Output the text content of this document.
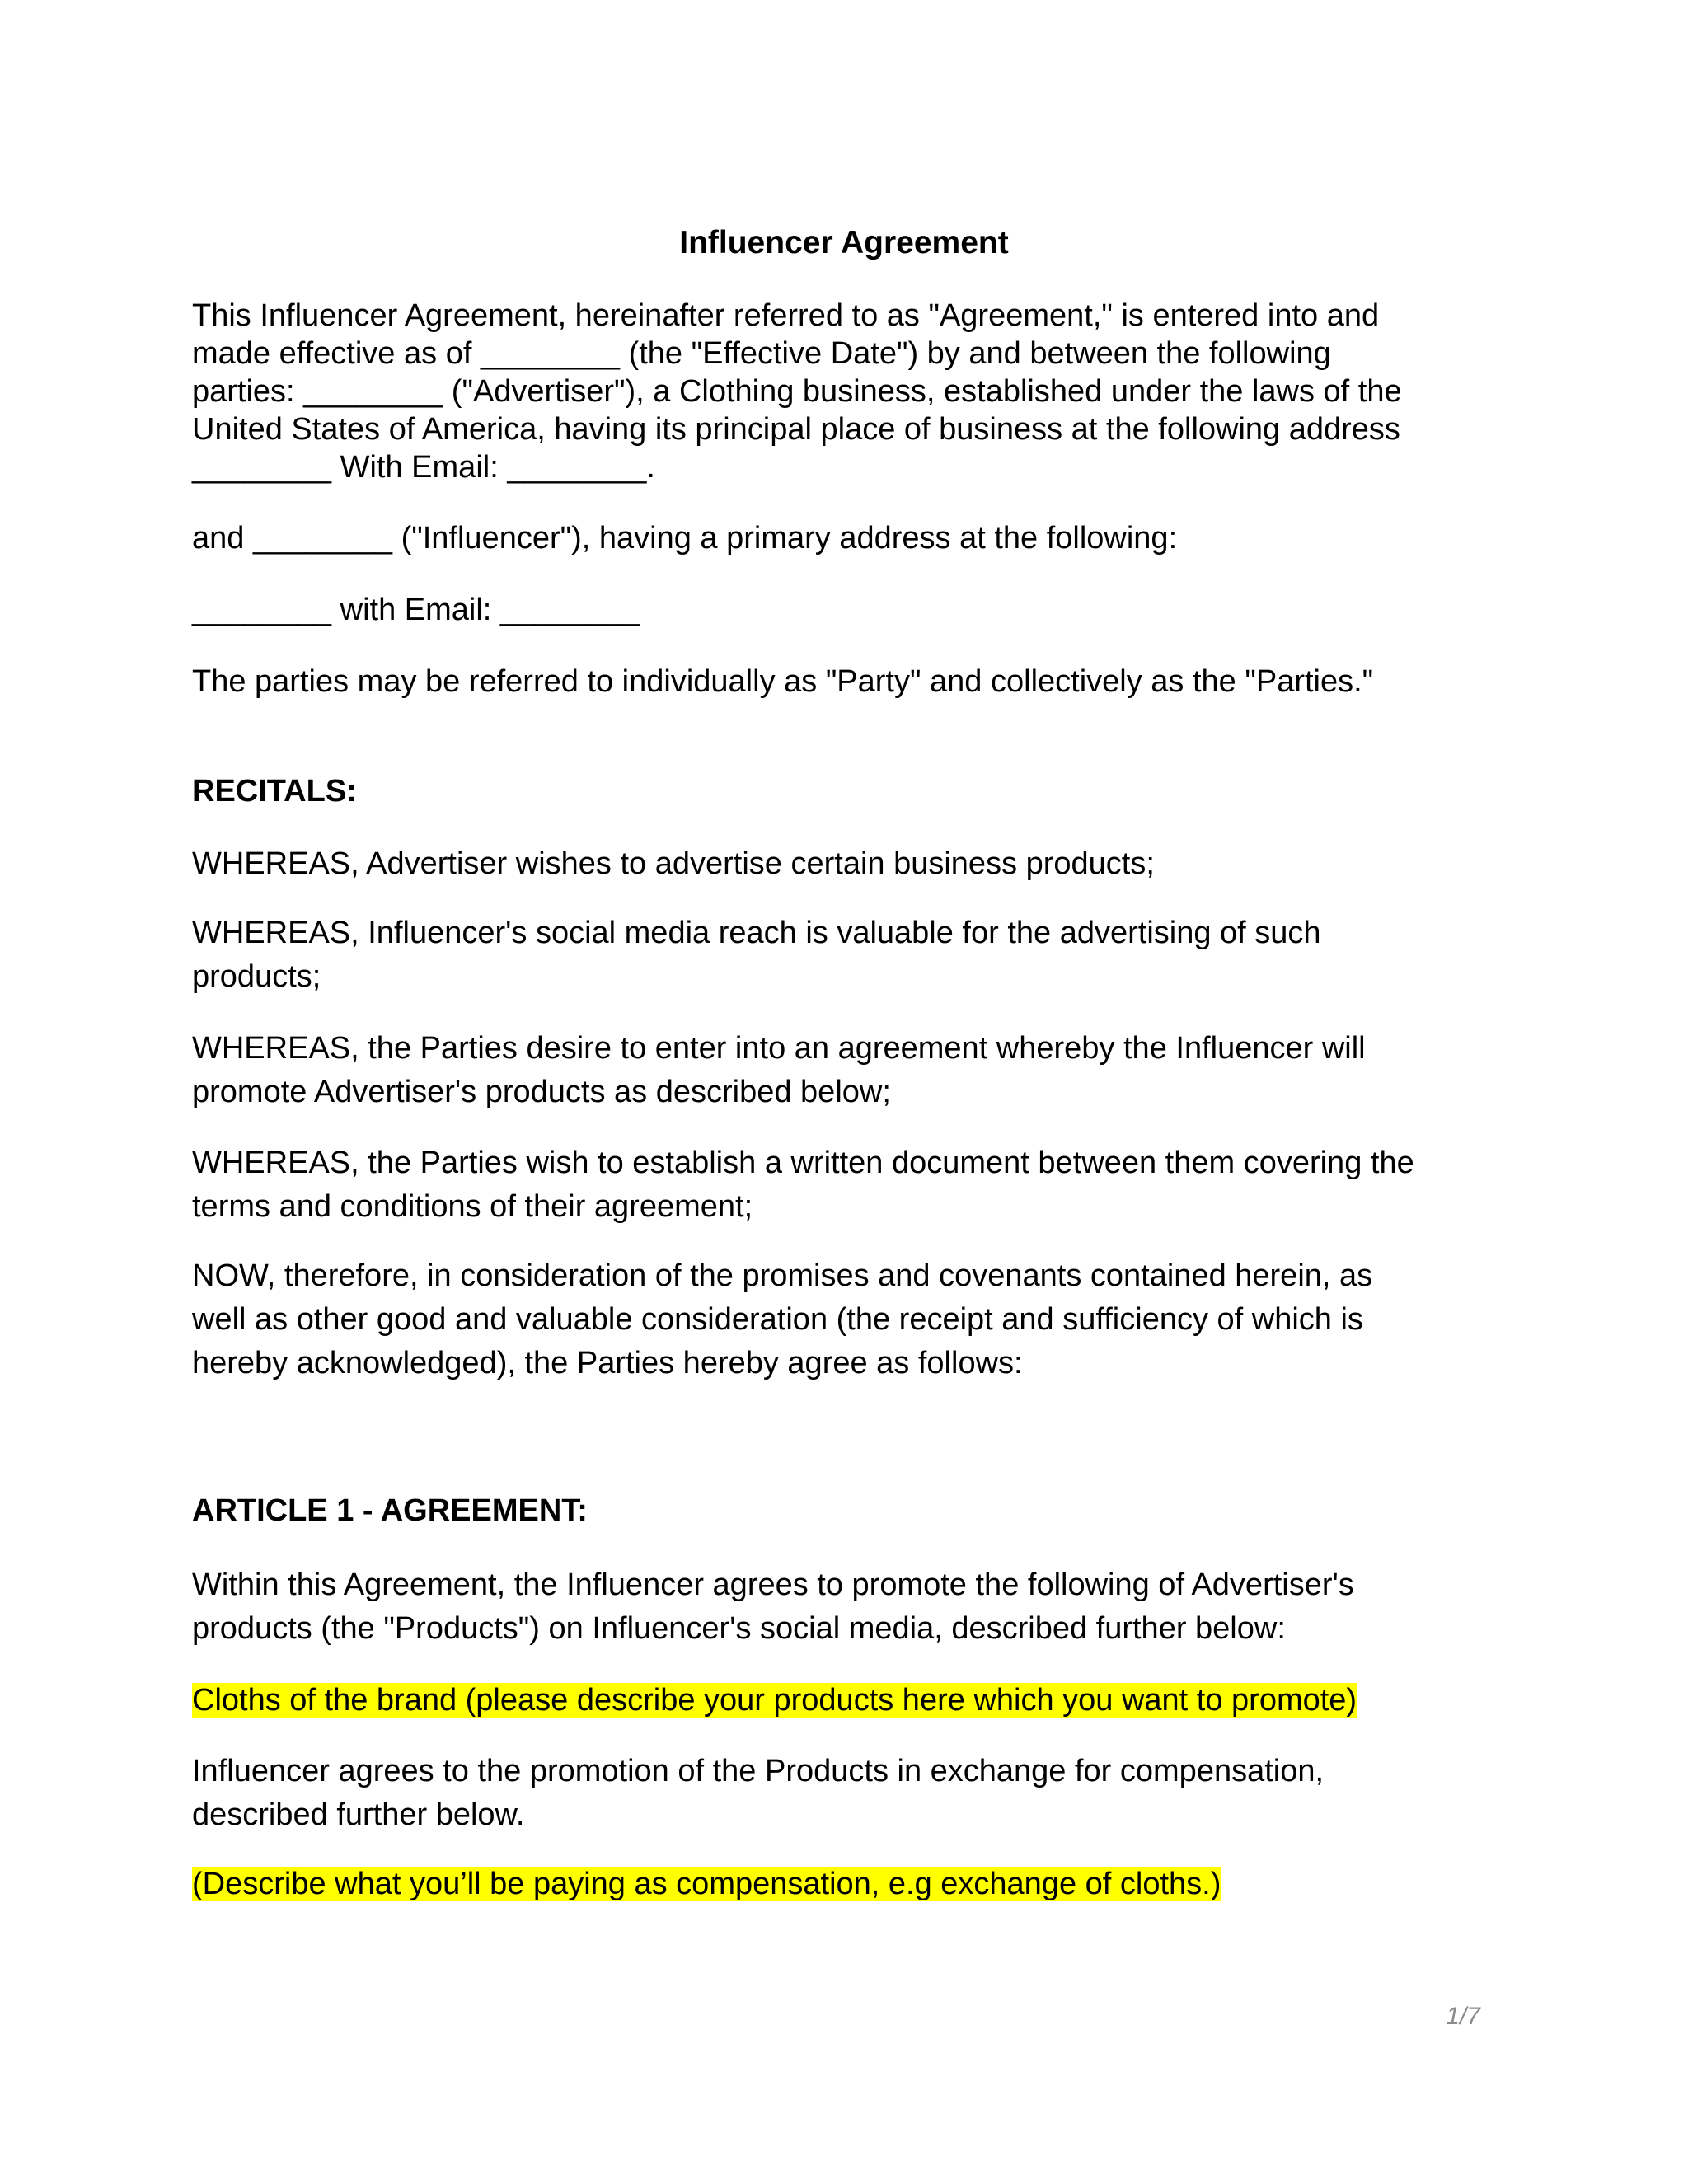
Influencer Agreement
This Influencer Agreement, hereinafter referred to as "Agreement," is entered into and
made effective as of ________ (the "Effective Date") by and between the following
parties: ________ ("Advertiser"), a Clothing business, established under the laws of the
United States of America, having its principal place of business at the following address
________ With Email: ________.
and ________ ("Influencer"), having a primary address at the following:
________ with Email: ________
The parties may be referred to individually as "Party" and collectively as the "Parties."
RECITALS:
WHEREAS, Advertiser wishes to advertise certain business products;
WHEREAS, Influencer's social media reach is valuable for the advertising of such
products;
WHEREAS, the Parties desire to enter into an agreement whereby the Influencer will
promote Advertiser's products as described below;
WHEREAS, the Parties wish to establish a written document between them covering the
terms and conditions of their agreement;
NOW, therefore, in consideration of the promises and covenants contained herein, as
well as other good and valuable consideration (the receipt and sufficiency of which is
hereby acknowledged), the Parties hereby agree as follows:
ARTICLE 1 - AGREEMENT:
Within this Agreement, the Influencer agrees to promote the following of Advertiser's
products (the "Products") on Influencer's social media, described further below:
Cloths of the brand (please describe your products here which you want to promote)
Influencer agrees to the promotion of the Products in exchange for compensation,
described further below.
(Describe what you’ll be paying as compensation, e.g exchange of cloths.)
1/7
